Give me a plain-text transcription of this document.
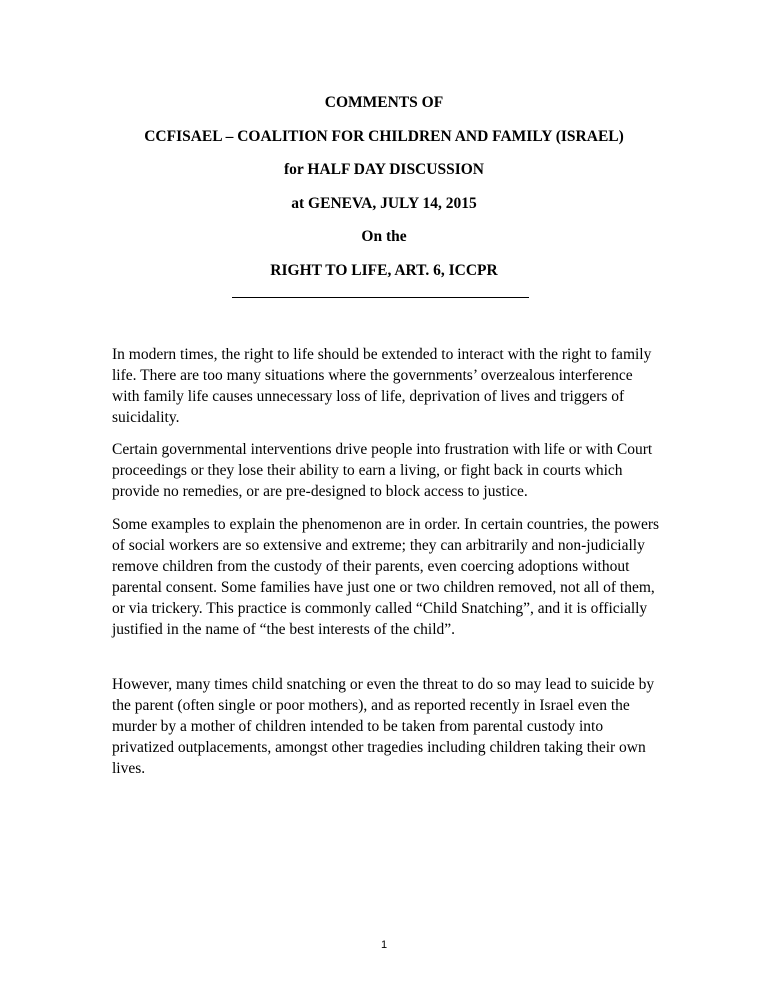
COMMENTS OF
CCFISAEL – COALITION FOR CHILDREN AND FAMILY (ISRAEL)
for HALF DAY DISCUSSION
at GENEVA, JULY 14, 2015
On the
RIGHT TO LIFE, ART. 6, ICCPR

In modern times, the right to life should be extended to interact with the right to family life. There are too many situations where the governments’ overzealous interference with family life causes unnecessary loss of life, deprivation of lives and triggers of suicidality.

Certain governmental interventions drive people into frustration with life or with Court proceedings or they lose their ability to earn a living, or fight back in courts which provide no remedies, or are pre-designed to block access to justice.

Some examples to explain the phenomenon are in order. In certain countries, the powers of social workers are so extensive and extreme; they can arbitrarily and non-judicially remove children from the custody of their parents, even coercing adoptions without parental consent. Some families have just one or two children removed, not all of them, or via trickery. This practice is commonly called “Child Snatching”, and it is officially justified in the name of “the best interests of the child”.

However, many times child snatching or even the threat to do so may lead to suicide by the parent (often single or poor mothers), and as reported recently in Israel even the murder by a mother of children intended to be taken from parental custody into privatized outplacements, amongst other tragedies including children taking their own lives.

1
